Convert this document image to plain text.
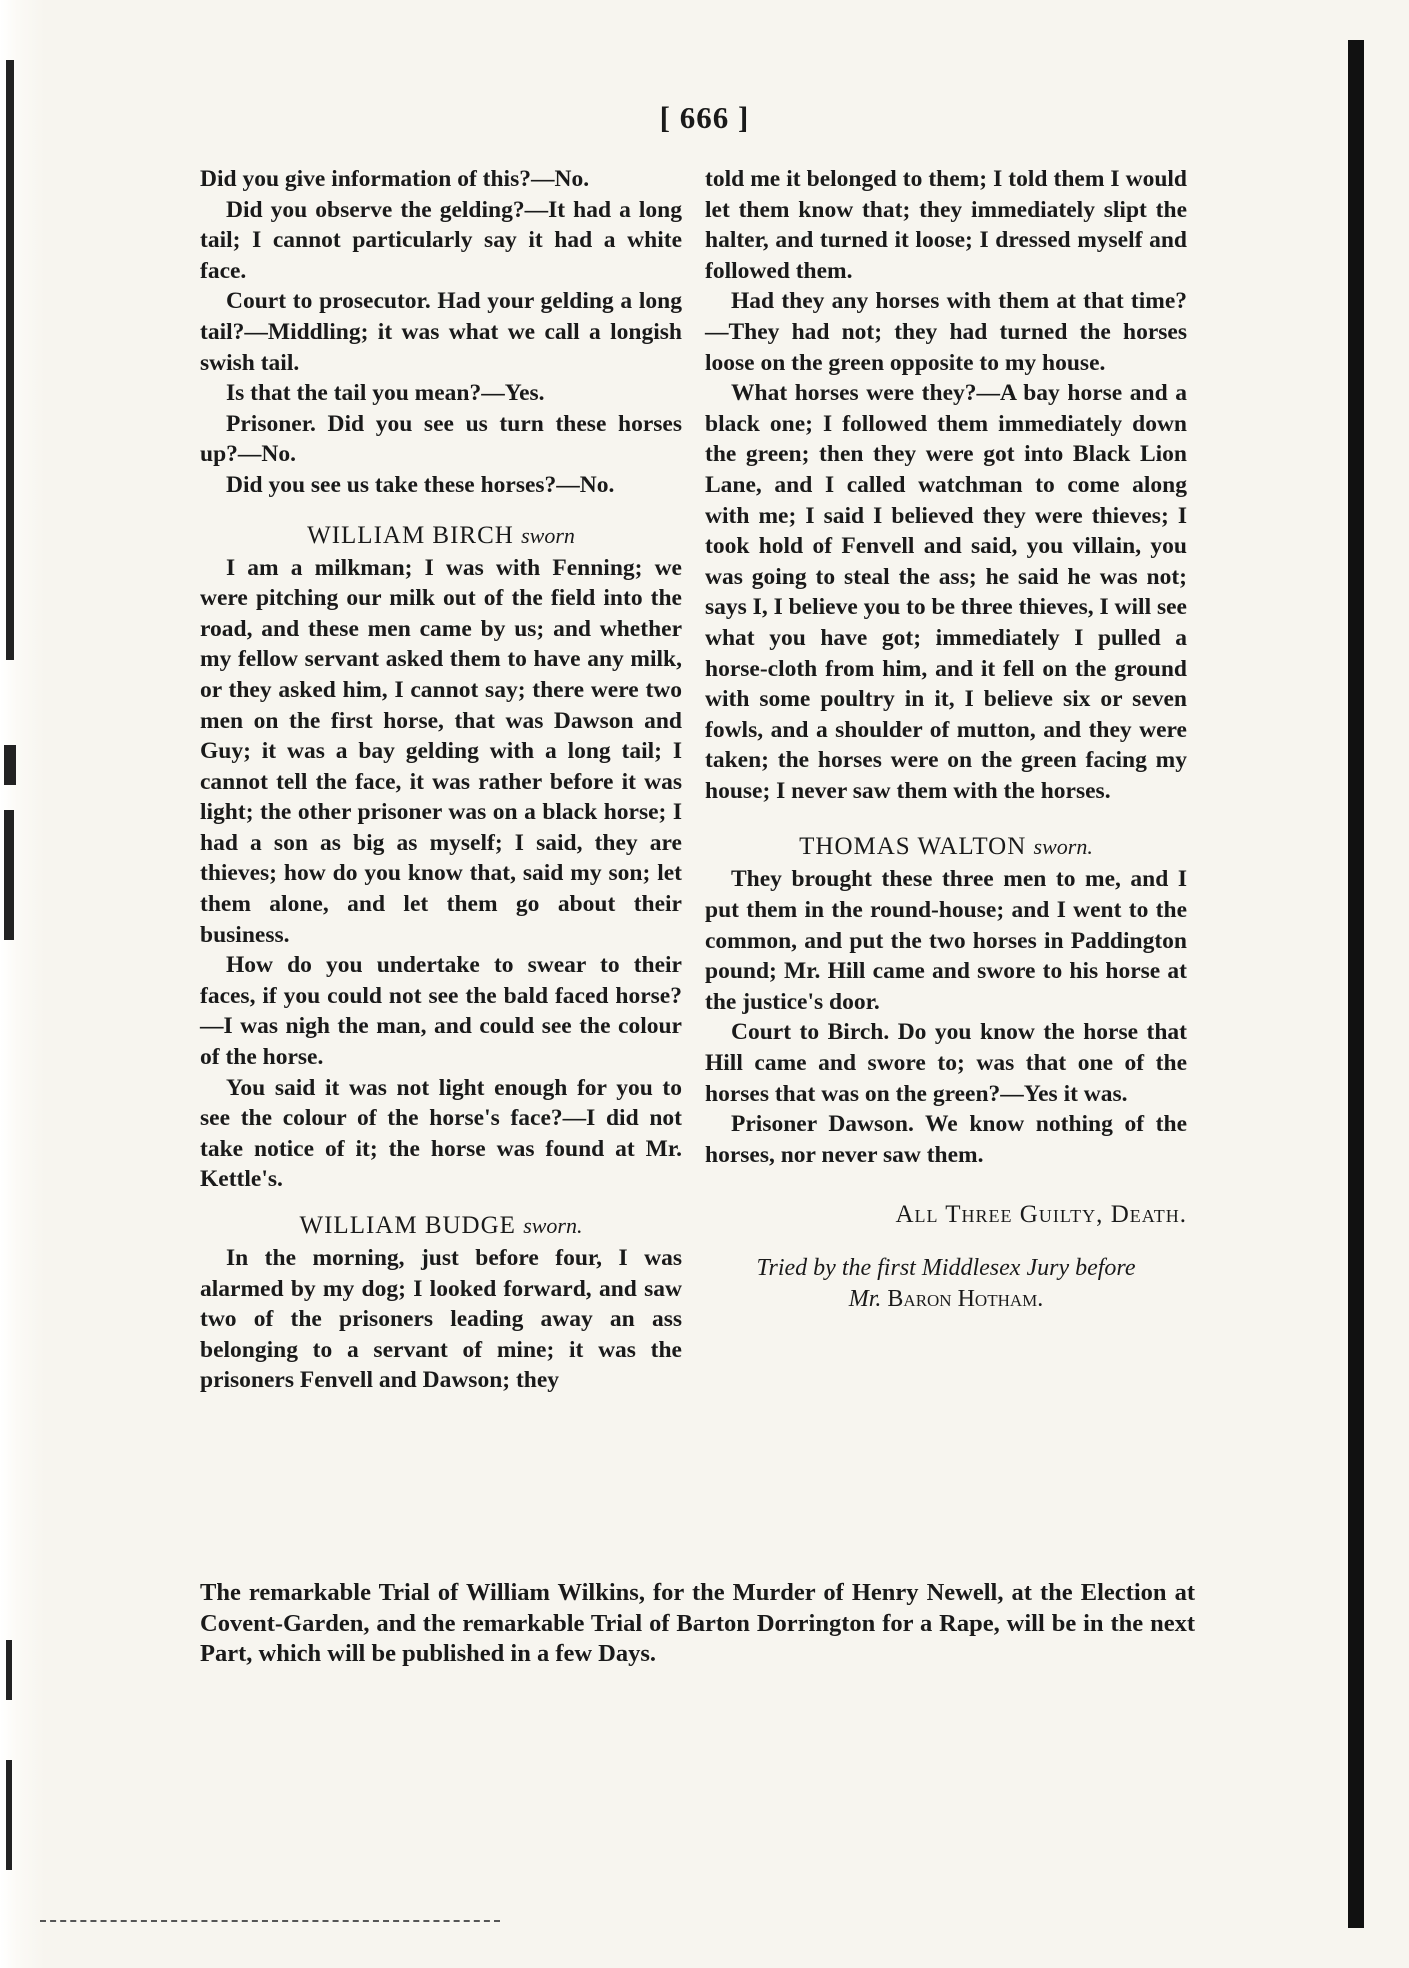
[ 666 ]

Did you give information of this?—No.

Did you observe the gelding?—It had a long tail; I cannot particularly say it had a white face.

Court to prosecutor. Had your gelding a long tail?—Middling; it was what we call a longish swish tail.

Is that the tail you mean?—Yes.

Prisoner. Did you see us turn these horses up?—No.

Did you see us take these horses?—No.

WILLIAM BIRCH sworn

I am a milkman; I was with Fenning; we were pitching our milk out of the field into the road, and these men came by us; and whether my fellow servant asked them to have any milk, or they asked him, I cannot say; there were two men on the first horse, that was Dawson and Guy; it was a bay gelding with a long tail; I cannot tell the face, it was rather before it was light; the other prisoner was on a black horse; I had a son as big as myself; I said, they are thieves; how do you know that, said my son; let them alone, and let them go about their business.

How do you undertake to swear to their faces, if you could not see the bald faced horse?—I was nigh the man, and could see the colour of the horse.

You said it was not light enough for you to see the colour of the horse's face?—I did not take notice of it; the horse was found at Mr. Kettle's.

WILLIAM BUDGE sworn.

In the morning, just before four, I was alarmed by my dog; I looked forward, and saw two of the prisoners leading away an ass belonging to a servant of mine; it was the prisoners Fenvell and Dawson; they

told me it belonged to them; I told them I would let them know that; they immediately slipt the halter, and turned it loose; I dressed myself and followed them.

Had they any horses with them at that time?—They had not; they had turned the horses loose on the green opposite to my house.

What horses were they?—A bay horse and a black one; I followed them immediately down the green; then they were got into Black Lion Lane, and I called watchman to come along with me; I said I believed they were thieves; I took hold of Fenvell and said, you villain, you was going to steal the ass; he said he was not; says I, I believe you to be three thieves, I will see what you have got; immediately I pulled a horse-cloth from him, and it fell on the ground with some poultry in it, I believe six or seven fowls, and a shoulder of mutton, and they were taken; the horses were on the green facing my house; I never saw them with the horses.

THOMAS WALTON sworn.

They brought these three men to me, and I put them in the round-house; and I went to the common, and put the two horses in Paddington pound; Mr. Hill came and swore to his horse at the justice's door.

Court to Birch. Do you know the horse that Hill came and swore to; was that one of the horses that was on the green?—Yes it was.

Prisoner Dawson. We know nothing of the horses, nor never saw them.

All Three Guilty, Death.
Tried by the first Middlesex Jury before
Mr. Baron Hotham.
The remarkable Trial of William Wilkins, for the Murder of Henry Newell, at the Election at Covent-Garden, and the remarkable Trial of Barton Dorrington for a Rape, will be in the next Part, which will be published in a few Days.
